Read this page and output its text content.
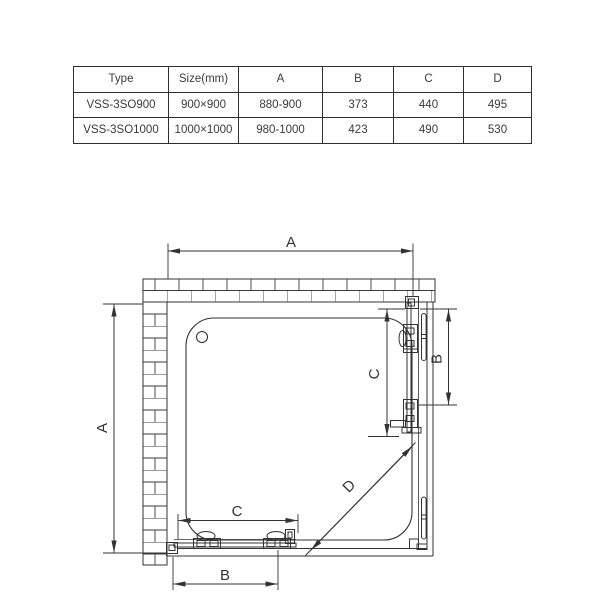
Type	Size(mm)	A	B	C	D
VSS-3SO900	900×900	880-900	373	440	495
VSS-3SO1000	1000×1000	980-1000	423	490	530
A
A
B
C
C
B
D
